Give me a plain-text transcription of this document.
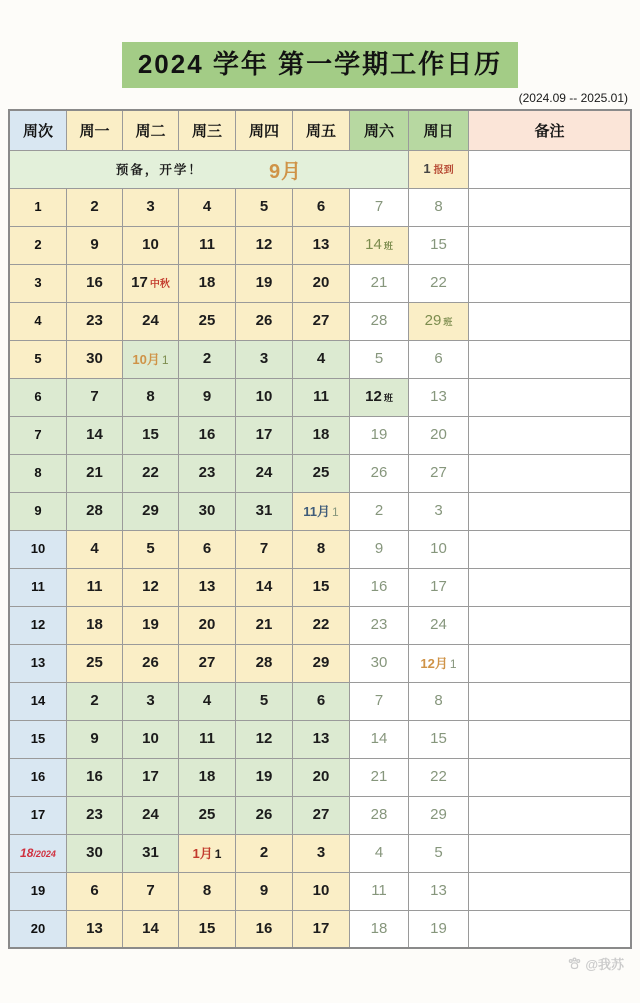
2024 学年 第一学期工作日历
(2024.09 -- 2025.01)
周次	周一	周二	周三	周四	周五	周六	周日	备注

预备，开学！ 9月							1 报到	
1	2	3	4	5	6	7	8	
2	9	10	11	12	13	14 班	15	
3	16	17 中秋	18	19	20	21	22	
4	23	24	25	26	27	28	29 班	
5	30	10月 1	2	3	4	5	6	
6	7	8	9	10	11	12 班	13	
7	14	15	16	17	18	19	20	
8	21	22	23	24	25	26	27	
9	28	29	30	31	11月 1	2	3	
10	4	5	6	7	8	9	10	
11	11	12	13	14	15	16	17	
12	18	19	20	21	22	23	24	
13	25	26	27	28	29	30	12月 1	
14	2	3	4	5	6	7	8	
15	9	10	11	12	13	14	15	
16	16	17	18	19	20	21	22	
17	23	24	25	26	27	28	29	
18/2024	30	31	1月 1	2	3	4	5	
19	6	7	8	9	10	11	13	
20	13	14	15	16	17	18	19	
@我苏
